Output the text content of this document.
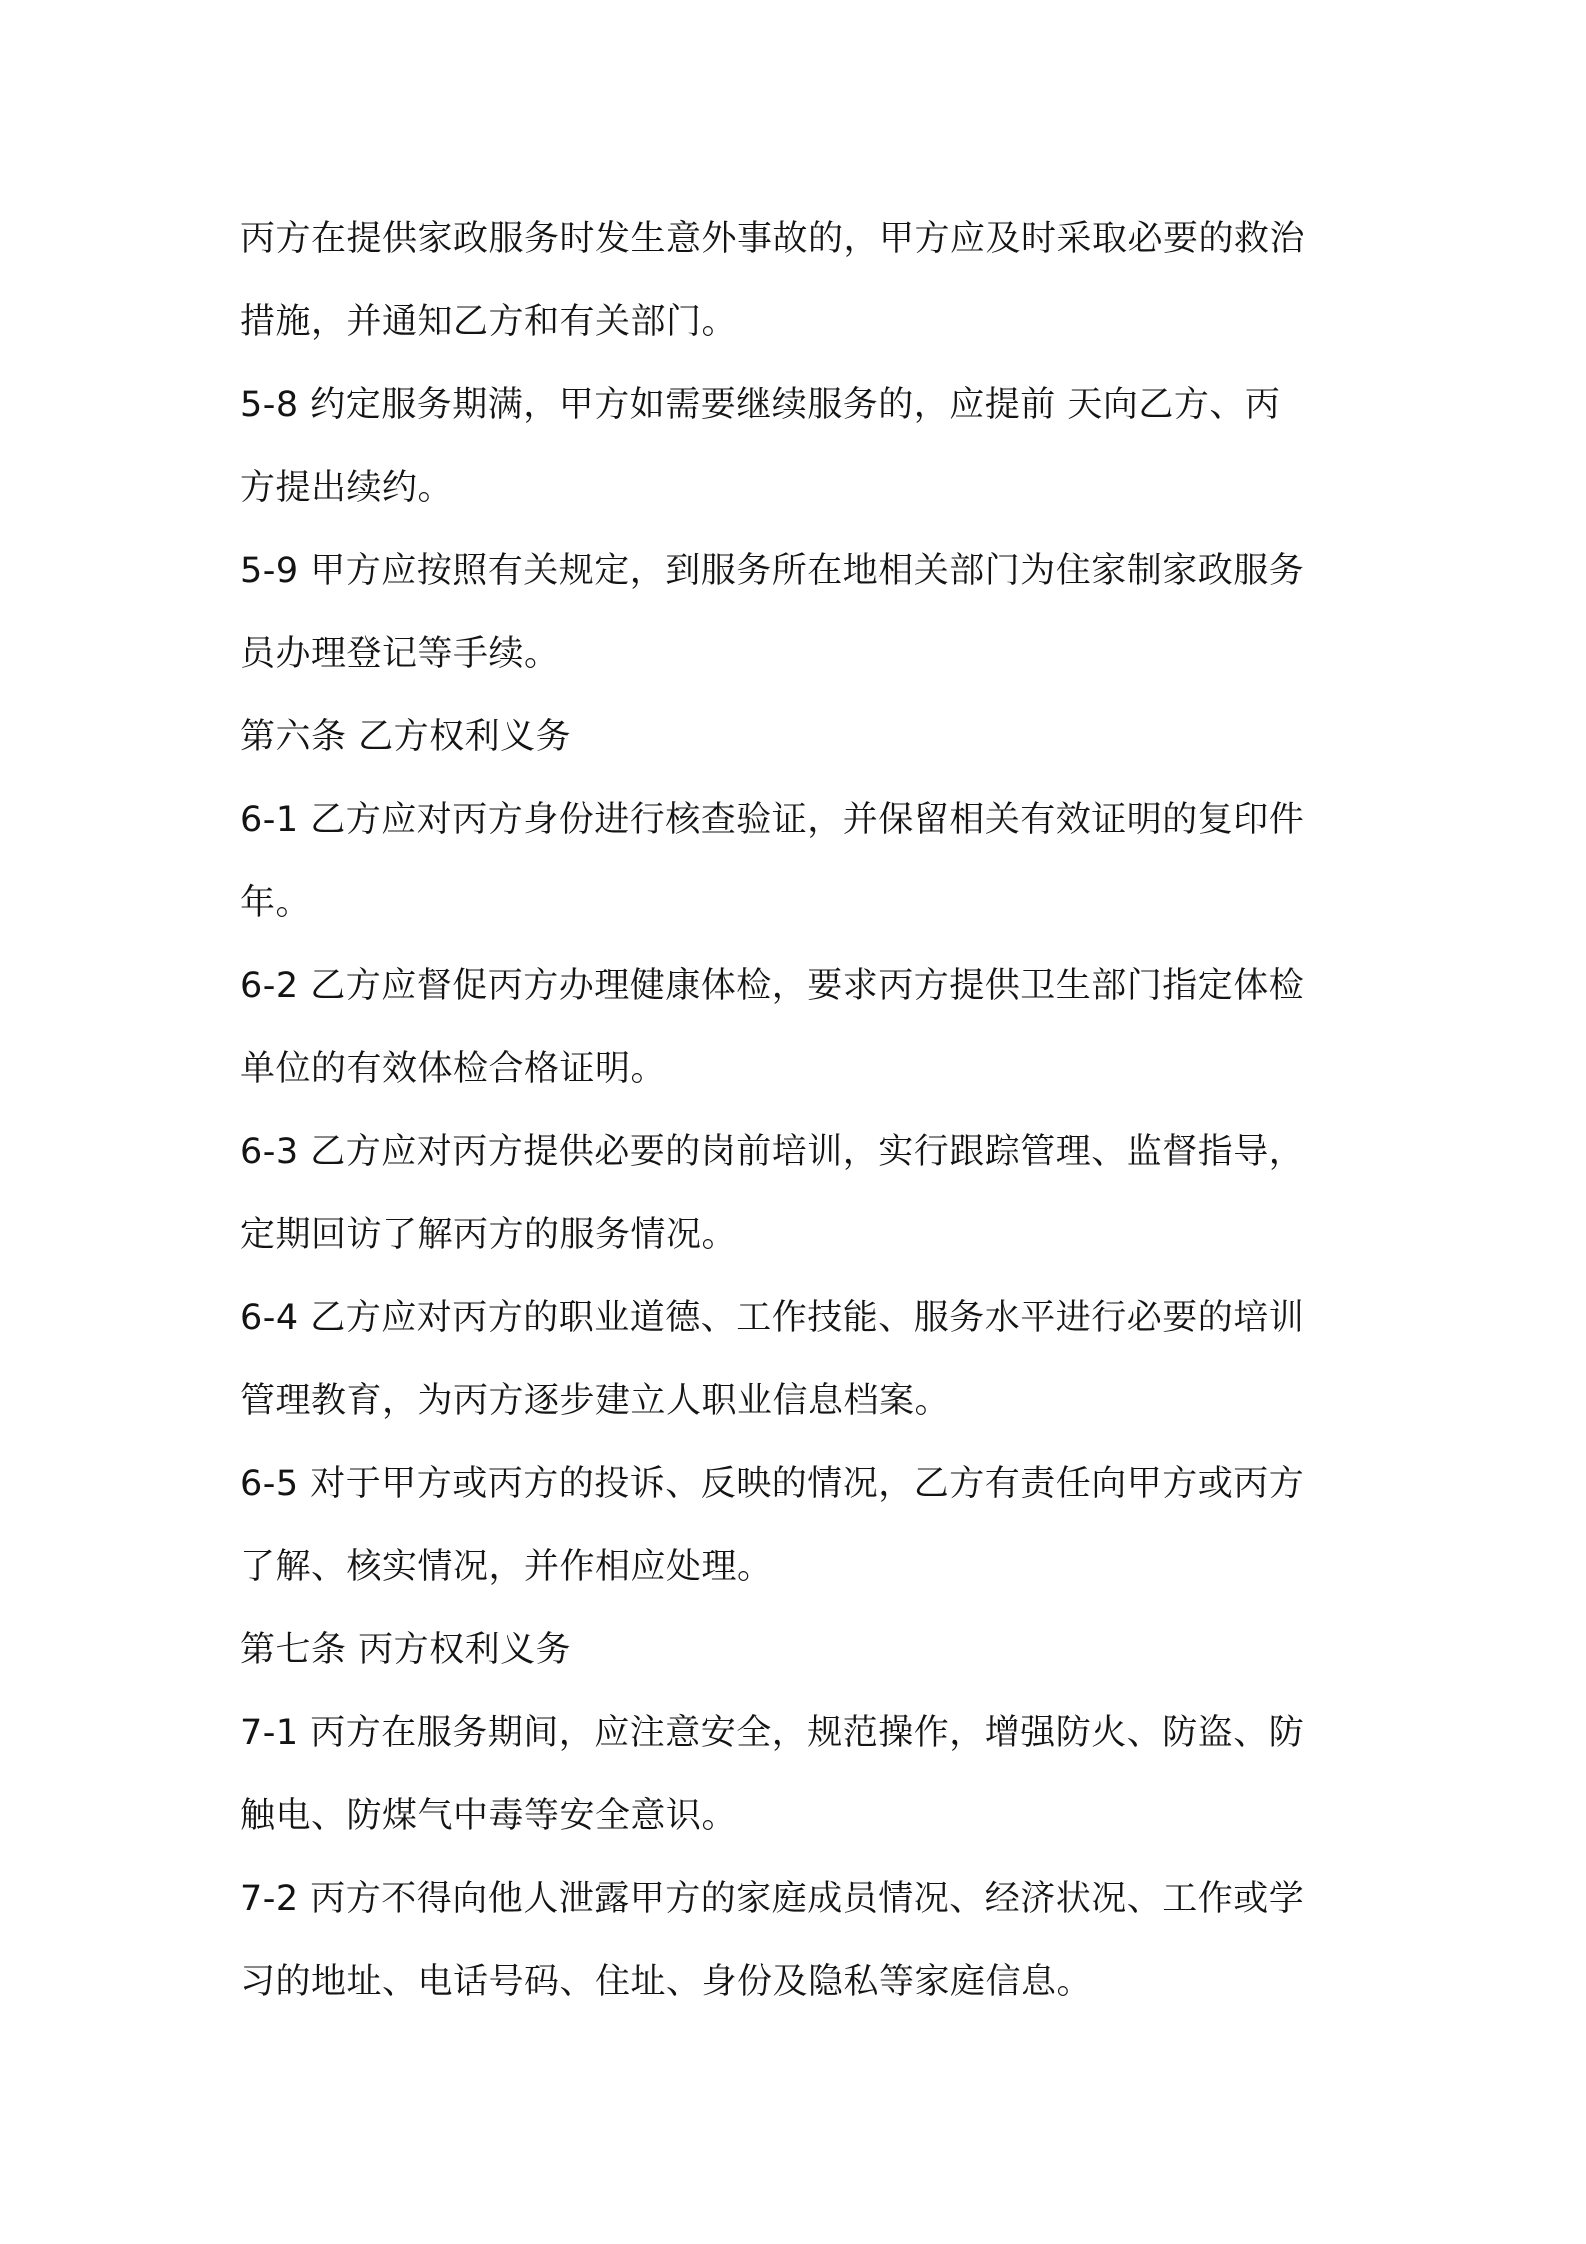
丙方在提供家政服务时发生意外事故的，甲方应及时采取必要的救治
措施，并通知乙方和有关部门。
5-8 约定服务期满，甲方如需要继续服务的，应提前 天向乙方、丙
方提出续约。
5-9 甲方应按照有关规定，到服务所在地相关部门为住家制家政服务
员办理登记等手续。
第六条 乙方权利义务
6-1 乙方应对丙方身份进行核查验证，并保留相关有效证明的复印件
年。
6-2 乙方应督促丙方办理健康体检，要求丙方提供卫生部门指定体检
单位的有效体检合格证明。
6-3 乙方应对丙方提供必要的岗前培训，实行跟踪管理、监督指导，
定期回访了解丙方的服务情况。
6-4 乙方应对丙方的职业道德、工作技能、服务水平进行必要的培训
管理教育，为丙方逐步建立人职业信息档案。
6-5 对于甲方或丙方的投诉、反映的情况，乙方有责任向甲方或丙方
了解、核实情况，并作相应处理。
第七条 丙方权利义务
7-1 丙方在服务期间，应注意安全，规范操作，增强防火、防盗、防
触电、防煤气中毒等安全意识。
7-2 丙方不得向他人泄露甲方的家庭成员情况、经济状况、工作或学
习的地址、电话号码、住址、身份及隐私等家庭信息。
